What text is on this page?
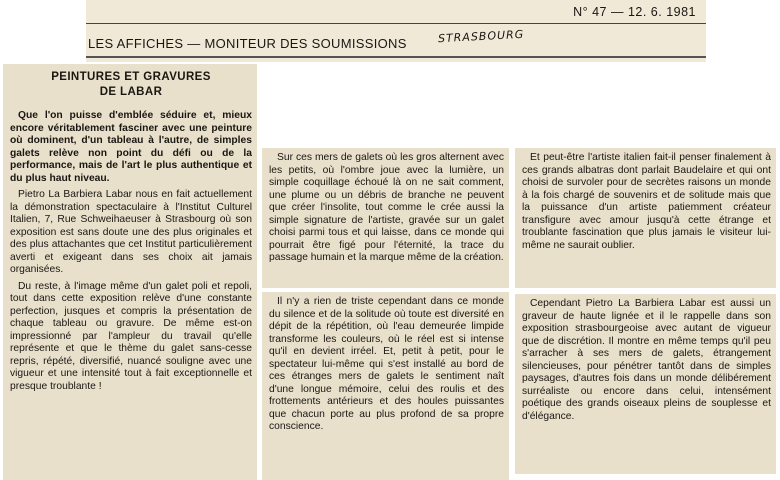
N° 47 — 12. 6. 1981
LES AFFICHES — MONITEUR DES SOUMISSIONS	STRASBOURG
PEINTURES ET GRAVURES
DE LABAR

Que l'on puisse d'emblée séduire et, mieux encore véritablement fasciner avec une peinture où dominent, d'un tableau à l'autre, de simples galets relève non point du défi ou de la performance, mais de l'art le plus authentique et du plus haut niveau.

Pietro La Barbiera Labar nous en fait actuellement la démonstration spectaculaire à l'Institut Culturel Italien, 7, Rue Schweihaeuser à Strasbourg où son exposition est sans doute une des plus originales et des plus attachantes que cet Institut particulièrement averti et exigeant dans ses choix ait jamais organisées.

Du reste, à l'image même d'un galet poli et repoli, tout dans cette exposition relève d'une constante perfection, jusques et compris la présentation de chaque tableau ou gravure. De même est-on impressionné par l'ampleur du travail qu'elle représente et que le thème du galet sans-cesse repris, répété, diversifié, nuancé souligne avec une vigueur et une intensité tout à fait exceptionnelle et presque troublante !

Sur ces mers de galets où les gros alternent avec les petits, où l'ombre joue avec la lumière, un simple coquillage échoué là on ne sait comment, une plume ou un débris de branche ne peuvent que créer l'insolite, tout comme le crée aussi la simple signature de l'artiste, gravée sur un galet choisi parmi tous et qui laisse, dans ce monde qui pourrait être figé pour l'éternité, la trace du passage humain et la marque même de la création.

Il n'y a rien de triste cependant dans ce monde du silence et de la solitude où toute est diversité en dépit de la répétition, où l'eau demeurée limpide transforme les couleurs, où le réel est si intense qu'il en devient irréel. Et, petit à petit, pour le spectateur lui-même qui s'est installé au bord de ces étranges mers de galets le sentiment naît d'une longue mémoire, celui des roulis et des frottements antérieurs et des houles puissantes que chacun porte au plus profond de sa propre conscience.

Et peut-être l'artiste italien fait-il penser finalement à ces grands albatras dont parlait Baudelaire et qui ont choisi de survoler pour de secrètes raisons un monde à la fois chargé de souvenirs et de solitude mais que la puissance d'un artiste patiemment créateur transfigure avec amour jusqu'à cette étrange et troublante fascination que plus jamais le visiteur lui-même ne saurait oublier.

Cependant Pietro La Barbiera Labar est aussi un graveur de haute lignée et il le rappelle dans son exposition strasbourgeoise avec autant de vigueur que de discrétion. Il montre en même temps qu'il peu s'arracher à ses mers de galets, étrangement silencieuses, pour pénétrer tantôt dans de simples paysages, d'autres fois dans un monde délibérement surréaliste ou encore dans celui, intensément poétique des grands oiseaux pleins de souplesse et d'élégance.
